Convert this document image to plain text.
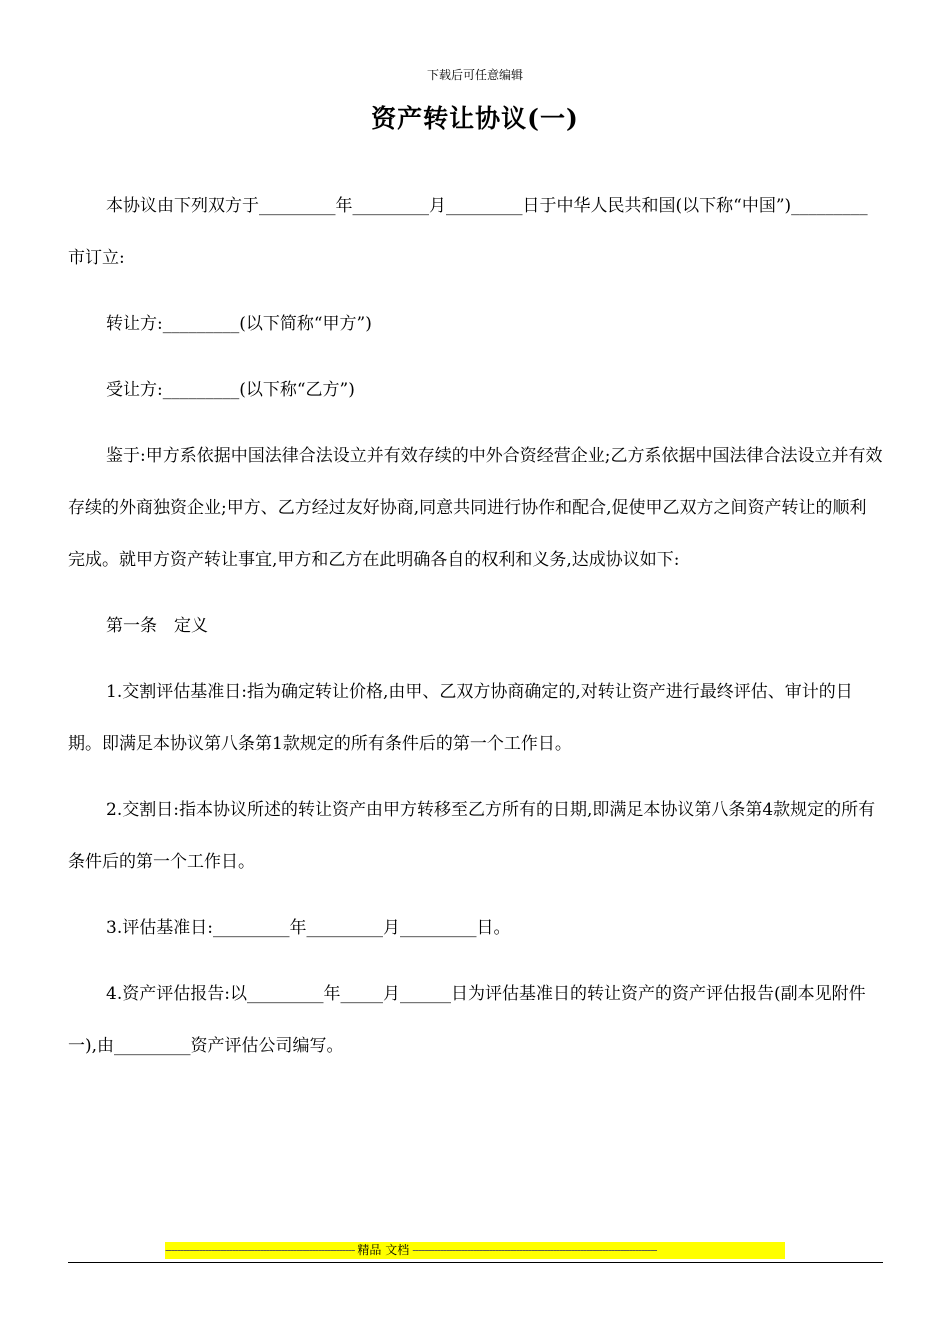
下载后可任意编辑
资产转让协议(一)

本协议由下列双方于_________年_________月_________日于中华人民共和国(以下称“中国”)_________市订立:

转让方:_________(以下简称“甲方”)

受让方:_________(以下称“乙方”)

鉴于:甲方系依据中国法律合法设立并有效存续的中外合资经营企业;乙方系依据中国法律合法设立并有效存续的外商独资企业;甲方、乙方经过友好协商,同意共同进行协作和配合,促使甲乙双方之间资产转让的顺利完成。就甲方资产转让事宜,甲方和乙方在此明确各自的权利和义务,达成协议如下:

第一条　定义

1.交割评估基准日:指为确定转让价格,由甲、乙双方协商确定的,对转让资产进行最终评估、审计的日期。即满足本协议第八条第1款规定的所有条件后的第一个工作日。

2.交割日:指本协议所述的转让资产由甲方转移至乙方所有的日期,即满足本协议第八条第4款规定的所有条件后的第一个工作日。

3.评估基准日:_________年_________月_________日。

4.资产评估报告:以_________年_____月______日为评估基准日的转让资产的资产评估报告(副本见附件一),由_________资产评估公司编写。

-------------------------------------------------------------- 精品 文档 --------------------------------------------------------------------------------
